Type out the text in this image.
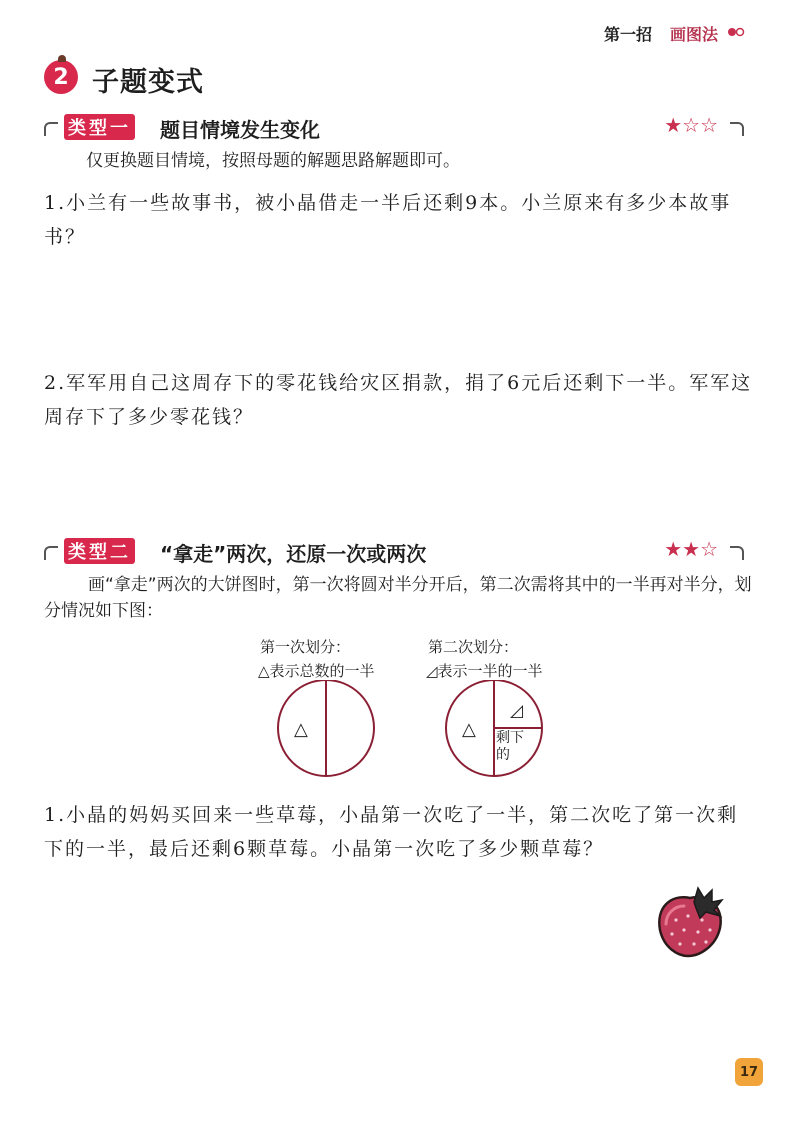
第一招 画图法
2 子题变式
类型一 题目情境发生变化	★☆☆
仅更换题目情境，按照母题的解题思路解题即可。
1.小兰有一些故事书，被小晶借走一半后还剩9本。小兰原来有多少本故事书？
2.军军用自己这周存下的零花钱给灾区捐款，捐了6元后还剩下一半。军军这周存下了多少零花钱？
类型二 “拿走”两次，还原一次或两次	★★☆
画“拿走”两次的大饼图时，第一次将圆对半分开后，第二次需将其中的一半再对半分，划分情况如下图：
第一次划分：
△表示总数的一半
第二次划分：
◿表示一半的一半
△	△
◿
剩下的
1.小晶的妈妈买回来一些草莓，小晶第一次吃了一半，第二次吃了第一次剩下的一半，最后还剩6颗草莓。小晶第一次吃了多少颗草莓？
17
